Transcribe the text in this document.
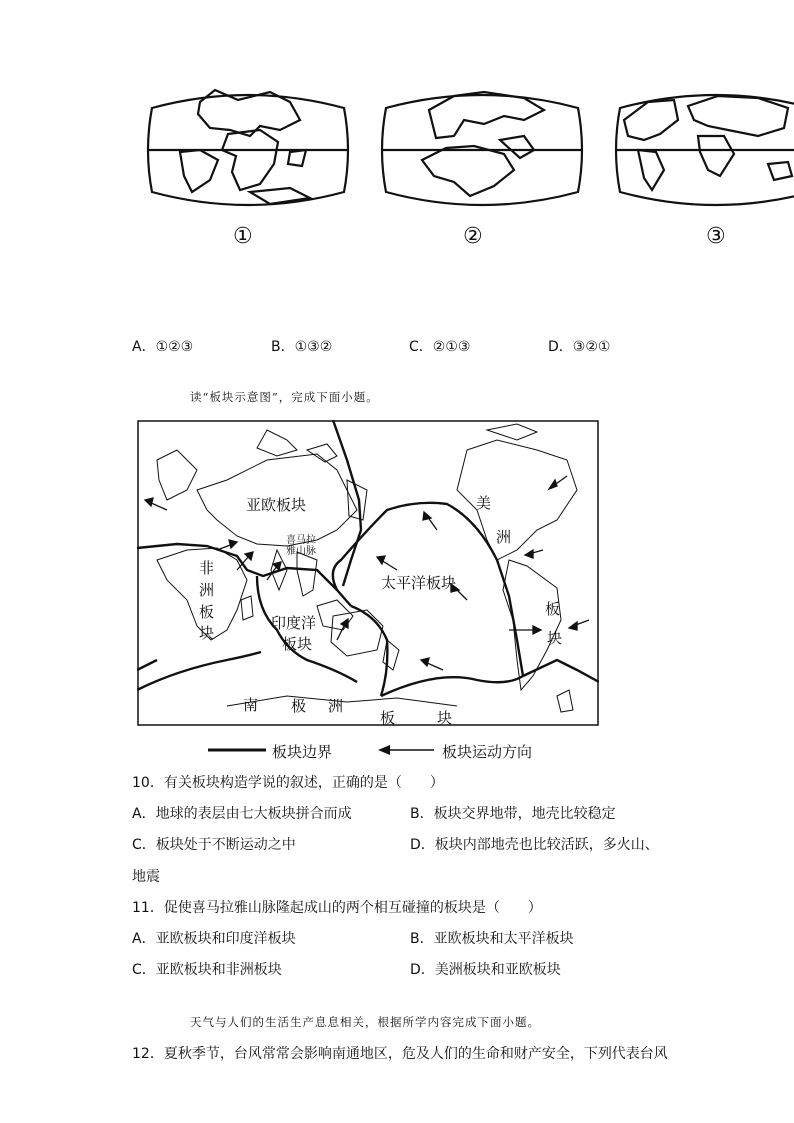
①	②	③
A．①②③	B．①③②	C．②①③	D．③②①
读“板块示意图”，完成下面小题。
亚欧板块
喜马拉
雅山脉
非
洲
板
块
印度洋
板块
太平洋板块
美
洲
板
块
南 极 洲
板	块
板块边界	板块运动方向
10．有关板块构造学说的叙述，正确的是（　　）
A．地球的表层由七大板块拼合而成	B．板块交界地带，地壳比较稳定
C．板块处于不断运动之中	D．板块内部地壳也比较活跃，多火山、
地震
11．促使喜马拉雅山脉隆起成山的两个相互碰撞的板块是（　　）
A．亚欧板块和印度洋板块	B．亚欧板块和太平洋板块
C．亚欧板块和非洲板块	D．美洲板块和亚欧板块
天气与人们的生活生产息息相关，根据所学内容完成下面小题。
12．夏秋季节，台风常常会影响南通地区，危及人们的生命和财产安全，下列代表台风
